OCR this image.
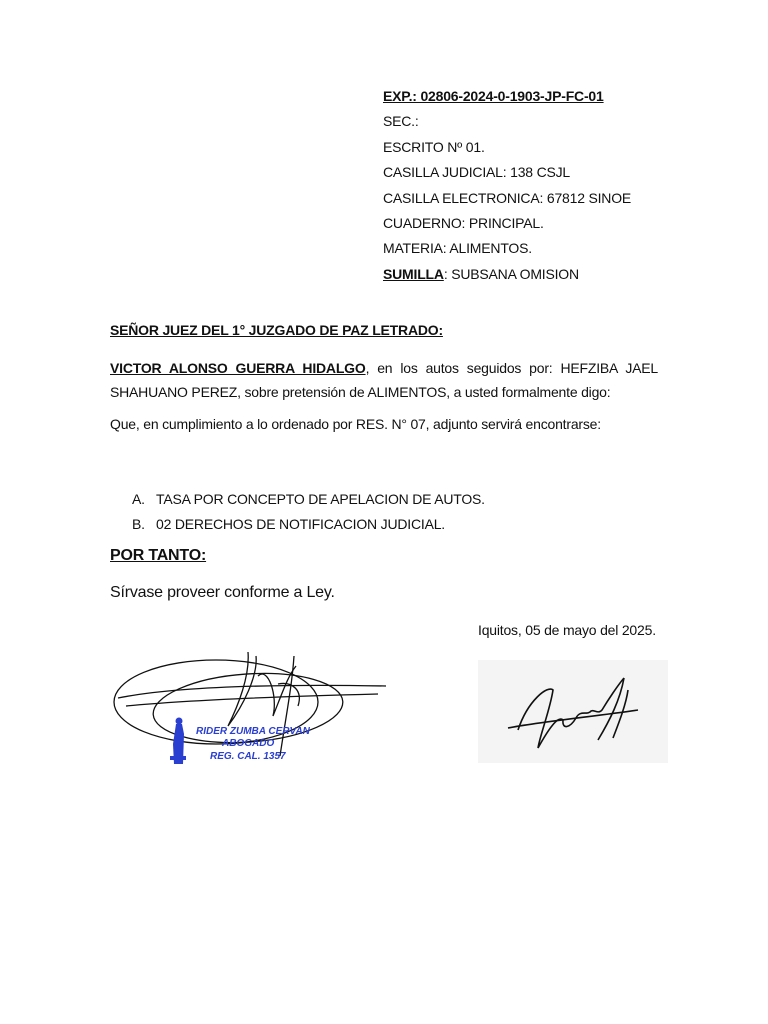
EXP.: 02806-2024-0-1903-JP-FC-01
SEC.:
ESCRITO Nº 01.
CASILLA JUDICIAL: 138 CSJL
CASILLA ELECTRONICA: 67812 SINOE
CUADERNO: PRINCIPAL.
MATERIA: ALIMENTOS.
SUMILLA: SUBSANA OMISION
SEÑOR JUEZ DEL 1° JUZGADO DE PAZ LETRADO:
VICTOR ALONSO GUERRA HIDALGO, en los autos seguidos por: HEFZIBA JAEL SHAHUANO PEREZ, sobre pretensión de ALIMENTOS, a usted formalmente digo:
Que, en cumplimiento a lo ordenado por RES. N° 07, adjunto servirá encontrarse:
A. TASA POR CONCEPTO DE APELACION DE AUTOS.
B. 02 DERECHOS DE NOTIFICACION JUDICIAL.
POR TANTO:
Sírvase proveer conforme a Ley.
Iquitos, 05 de mayo del 2025.
RIDER ZUMBA CERVAN
ABOGADO
REG. CAL. 1357
